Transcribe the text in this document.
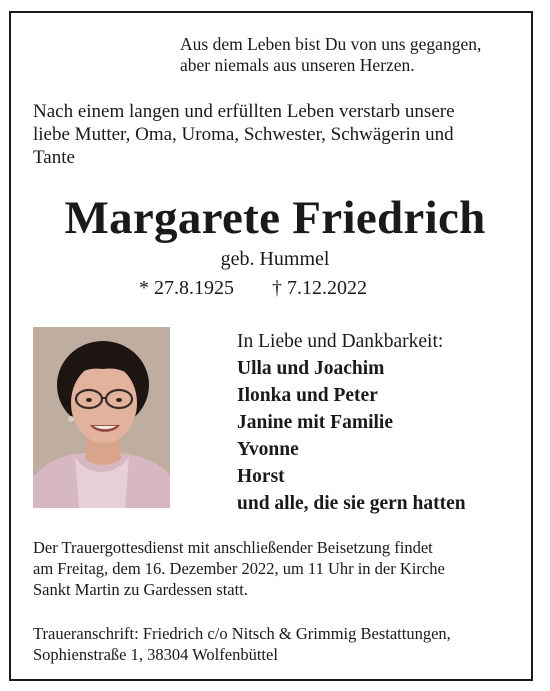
Aus dem Leben bist Du von uns gegangen,
aber niemals aus unseren Herzen.
Nach einem langen und erfüllten Leben verstarb unsere
liebe Mutter, Oma, Uroma, Schwester, Schwägerin und
Tante
Margarete Friedrich
geb. Hummel
* 27.8.1925 † 7.12.2022
In Liebe und Dankbarkeit:
Ulla und Joachim
Ilonka und Peter
Janine mit Familie
Yvonne
Horst
und alle, die sie gern hatten
Der Trauergottesdienst mit anschließender Beisetzung findet
am Freitag, dem 16. Dezember 2022, um 11 Uhr in der Kirche
Sankt Martin zu Gardessen statt.
Traueranschrift: Friedrich c/o Nitsch & Grimmig Bestattungen,
Sophienstraße 1, 38304 Wolfenbüttel
